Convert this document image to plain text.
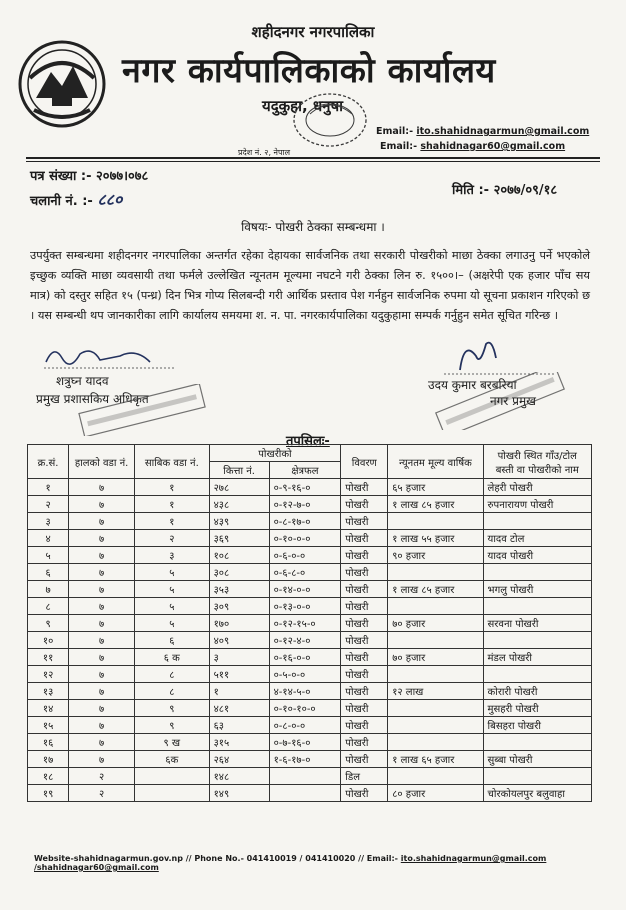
शहीदनगर नगरपालिका
नगर कार्यपालिकाको कार्यालय
यदुकुहा, धनुषा
प्रदेश नं. २, नेपाल
Email:- ito.shahidnagarmun@gmail.com
Email:- shahidnagar60@gmail.com
पत्र संख्या :- २०७७।०७८
चलानी नं. :- ८८०	मिति :- २०७७/०९/१८
विषयः- पोखरी ठेक्का सम्बन्धमा ।
उपर्युक्त सम्बन्धमा शहीदनगर नगरपालिका अन्तर्गत रहेका देहायका सार्वजनिक तथा सरकारी पोखरीको माछा ठेक्का लगाउनु पर्ने भएकोले इच्छुक व्यक्ति माछा व्यवसायी तथा फर्मले उल्लेखित न्यूनतम मूल्यमा नघटने गरी ठेक्का लिन रु. १५००।– (अक्षरेपी एक हजार पाँच सय मात्र) को दस्तुर सहित १५ (पन्ध्र) दिन भित्र गोप्य सिलबन्दी गरी आर्थिक प्रस्ताव पेश गर्नहुन सार्वजनिक रुपमा यो सूचना प्रकाशन गरिएको छ । यस सम्बन्धी थप जानकारीका लागि कार्यालय समयमा श. न. पा. नगरकार्यपालिका यदुकुहामा सम्पर्क गर्नुहुन समेत सूचित गरिन्छ ।
शत्रुघ्न यादव
प्रमुख प्रशासकिय अधिकृत
उदय कुमार बरबरिया
नगर प्रमुख
तपसिलः-
क्र.सं.	हालको वडा नं.	साबिक वडा नं.	पोखरीको		विवरण	न्यूनतम मूल्य वार्षिक	पोखरी स्थित गाँउ/टोल बस्ती वा पोखरीको नाम
			कित्ता नं.	क्षेत्रफल			
१	७	१	२७८	०-९-१६-०	पोखरी	६५ हजार	लेहरी पोखरी
२	७	१	४३८	०-१२-७-०	पोखरी	१ लाख ८५ हजार	रुपनारायण पोखरी
३	७	१	४३९	०-८-१७-०	पोखरी		
४	७	२	३६९	०-१०-०-०	पोखरी	१ लाख ५५ हजार	यादव टोल
५	७	३	१०८	०-६-०-०	पोखरी	९० हजार	यादव पोखरी
६	७	५	३०८	०-६-८-०	पोखरी		
७	७	५	३५३	०-१४-०-०	पोखरी	१ लाख ८५ हजार	भगलु पोखरी
८	७	५	३०९	०-१३-०-०	पोखरी		
९	७	५	१७०	०-१२-१५-०	पोखरी	७० हजार	सरवना पोखरी
१०	७	६	४०९	०-१२-४-०	पोखरी		
११	७	६ क	३	०-१६-०-०	पोखरी	७० हजार	मंडल पोखरी
१२	७	८	५११	०-५-०-०	पोखरी		
१३	७	८	१	४-१४-५-०	पोखरी	१२ लाख	कोरारी पोखरी
१४	७	९	४८१	०-१०-१०-०	पोखरी		मुसहरी पोखरी
१५	७	९	६३	०-८-०-०	पोखरी		बिसहरा पोखरी
१६	७	९ ख	३१५	०-७-१६-०	पोखरी		
१७	७	६क	२६४	१-६-१७-०	पोखरी	१ लाख ६५ हजार	सुब्बा पोखरी
१८	२		१४८		डिल		
१९	२		१४९		पोखरी	८० हजार	चोरकोयलपुर बलुवाहा
Website-shahidnagarmun.gov.np // Phone No.- 041410019 / 041410020 // Email:- ito.shahidnagarmun@gmail.com /shahidnagar60@gmail.com
